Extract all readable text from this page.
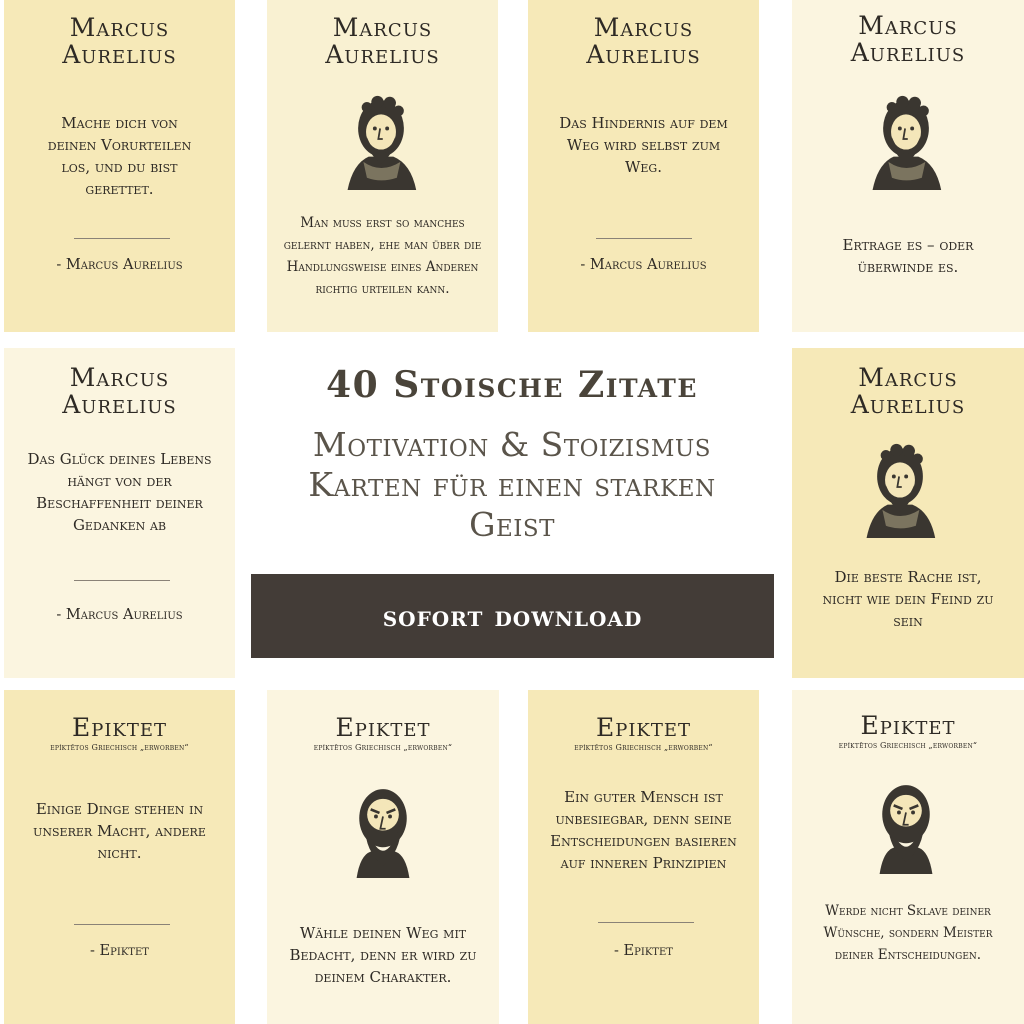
Marcus
Aurelius
Mache dich von deinen Vorurteilen los, und du bist gerettet.
- Marcus Aurelius
Marcus
Aurelius
Man muss erst so manches gelernt haben, ehe man über die Handlungsweise eines Anderen richtig urteilen kann.
Marcus
Aurelius
Das Hindernis auf dem Weg wird selbst zum Weg.
- Marcus Aurelius
Marcus
Aurelius
Ertrage es – oder überwinde es.
Marcus
Aurelius
Das Glück deines Lebens hängt von der Beschaffenheit deiner Gedanken ab
- Marcus Aurelius
40 Stoische Zitate
Motivation & Stoizismus
Karten für einen starken
Geist
sofort download
Marcus
Aurelius
Die beste Rache ist, nicht wie dein Feind zu sein
Epiktet
epíktētos Griechisch „erworben“
Einige Dinge stehen in unserer Macht, andere nicht.
- Epiktet
Epiktet
epíktētos Griechisch „erworben“
Wähle deinen Weg mit Bedacht, denn er wird zu deinem Charakter.
Epiktet
epíktētos Griechisch „erworben“
Ein guter Mensch ist unbesiegbar, denn seine Entscheidungen basieren auf inneren Prinzipien
- Epiktet
Epiktet
epíktētos Griechisch „erworben“
Werde nicht Sklave deiner Wünsche, sondern Meister deiner Entscheidungen.
